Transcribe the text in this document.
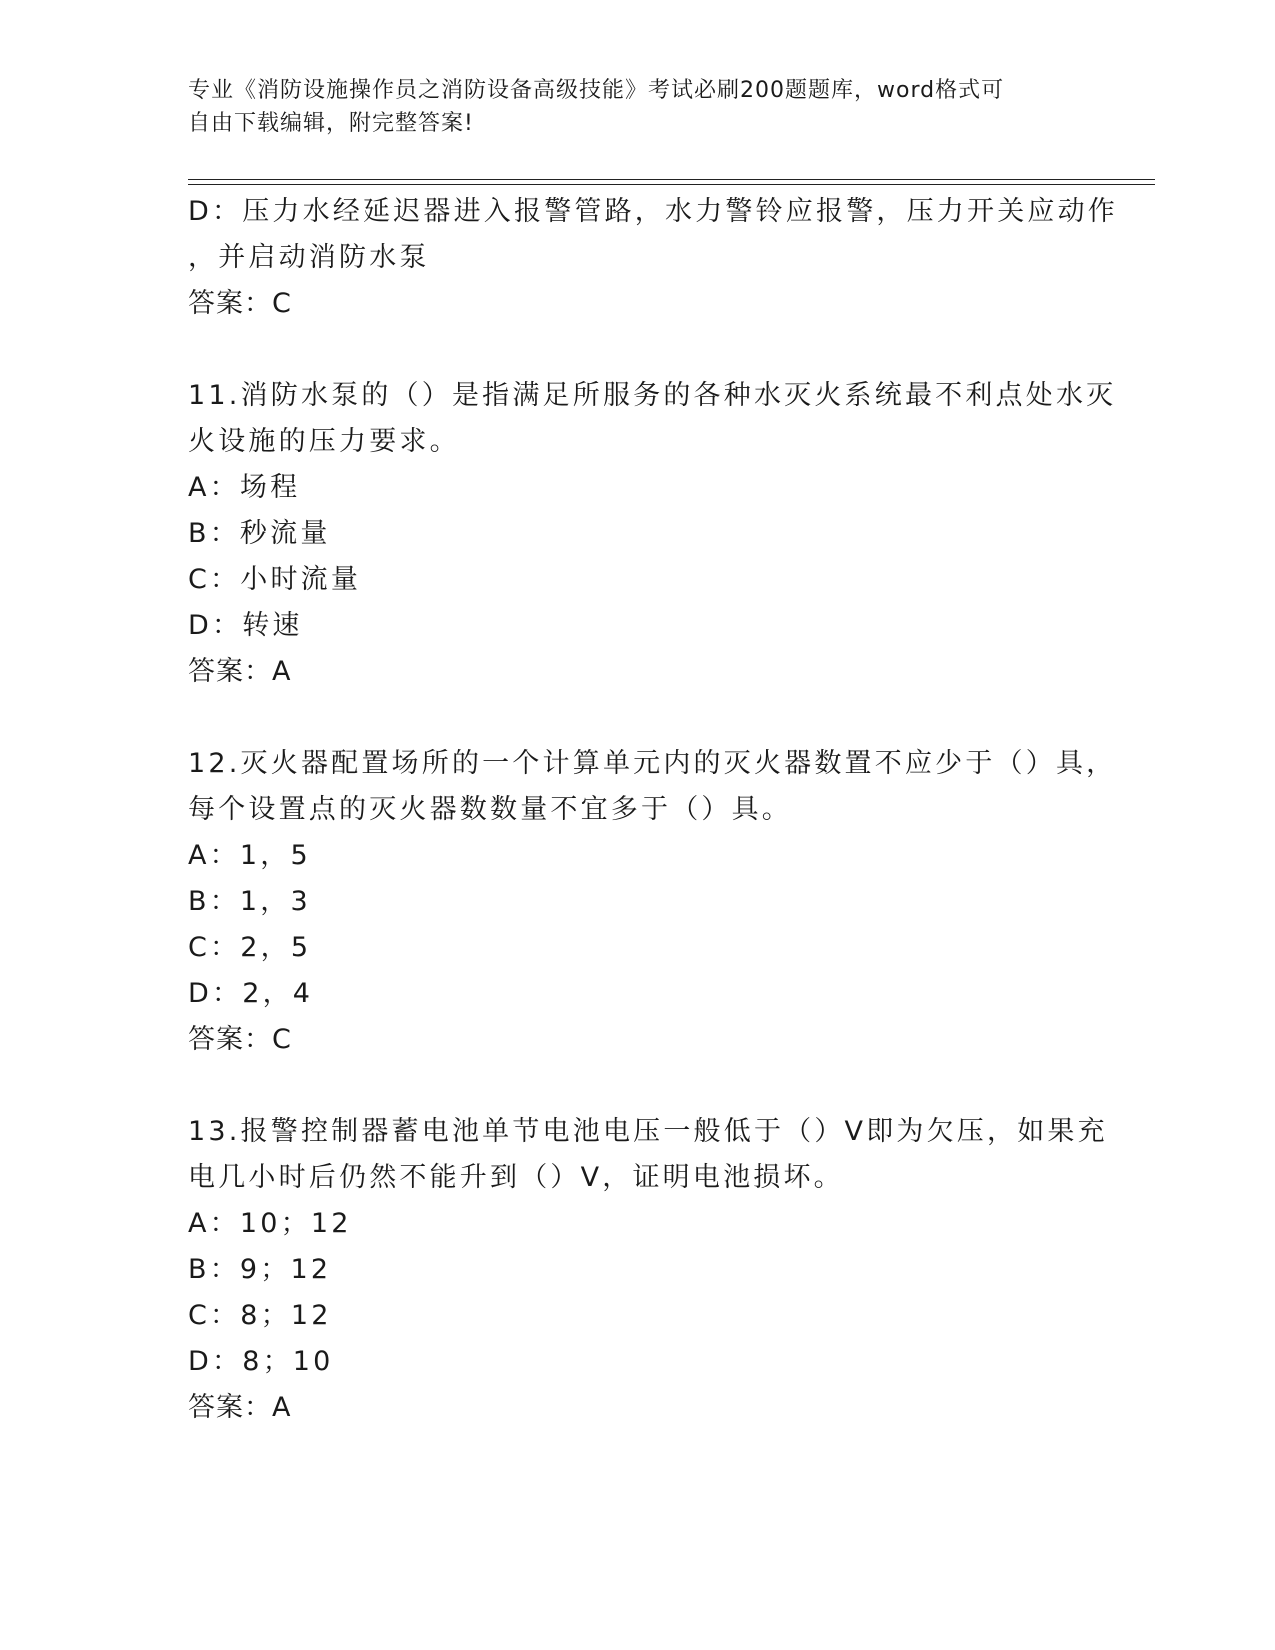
专业《消防设施操作员之消防设备高级技能》考试必刷200题题库，word格式可
自由下载编辑，附完整答案!
D：压力水经延迟器进入报警管路，水力警铃应报警，压力开关应动作
，并启动消防水泵
答案：C
11.消防水泵的（）是指满足所服务的各种水灭火系统最不利点处水灭
火设施的压力要求。
A：场程
B：秒流量
C：小时流量
D：转速
答案：A
12.灭火器配置场所的一个计算单元内的灭火器数置不应少于（）具，
每个设置点的灭火器数数量不宜多于（）具。
A：1，5
B：1，3
C：2，5
D：2，4
答案：C
13.报警控制器蓄电池单节电池电压一般低于（）V即为欠压，如果充
电几小时后仍然不能升到（）V，证明电池损坏。
A：10；12
B：9；12
C：8；12
D：8；10
答案：A
